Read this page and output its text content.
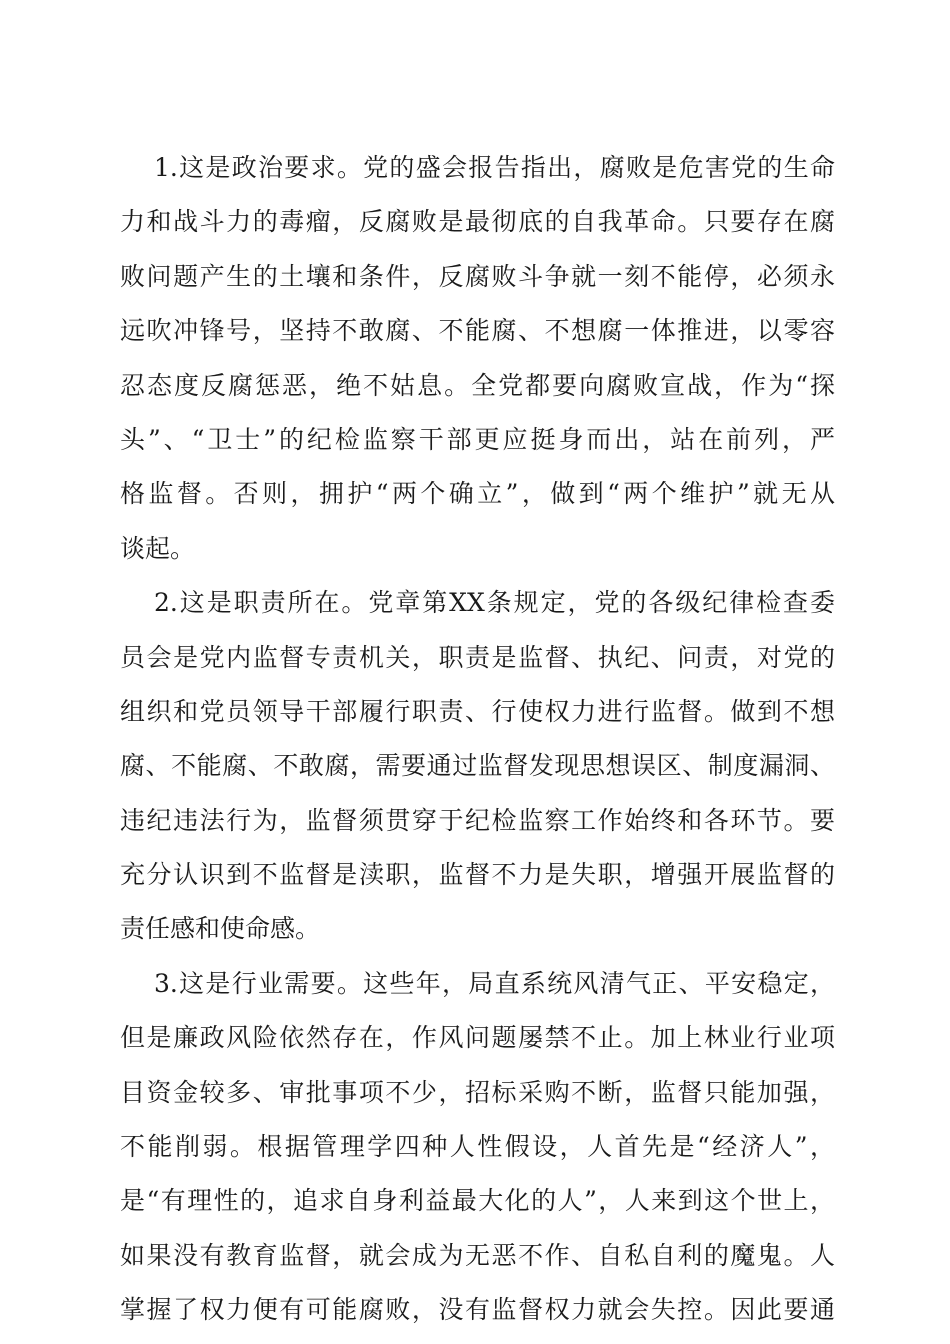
1.这是政治要求。党的盛会报告指出，腐败是危害党的生命
力和战斗力的毒瘤，反腐败是最彻底的自我革命。只要存在腐
败问题产生的土壤和条件，反腐败斗争就一刻不能停，必须永
远吹冲锋号，坚持不敢腐、不能腐、不想腐一体推进，以零容
忍态度反腐惩恶，绝不姑息。全党都要向腐败宣战，作为“探
头”、“卫士”的纪检监察干部更应挺身而出，站在前列，严
格监督。否则，拥护“两个确立”，做到“两个维护”就无从
谈起。
2.这是职责所在。党章第XX条规定，党的各级纪律检查委
员会是党内监督专责机关，职责是监督、执纪、问责，对党的
组织和党员领导干部履行职责、行使权力进行监督。做到不想
腐、不能腐、不敢腐，需要通过监督发现思想误区、制度漏洞、
违纪违法行为，监督须贯穿于纪检监察工作始终和各环节。要
充分认识到不监督是渎职，监督不力是失职，增强开展监督的
责任感和使命感。
3.这是行业需要。这些年，局直系统风清气正、平安稳定，
但是廉政风险依然存在，作风问题屡禁不止。加上林业行业项
目资金较多、审批事项不少，招标采购不断，监督只能加强，
不能削弱。根据管理学四种人性假设，人首先是“经济人”，
是“有理性的，追求自身利益最大化的人”，人来到这个世上，
如果没有教育监督，就会成为无恶不作、自私自利的魔鬼。人
掌握了权力便有可能腐败，没有监督权力就会失控。因此要通
